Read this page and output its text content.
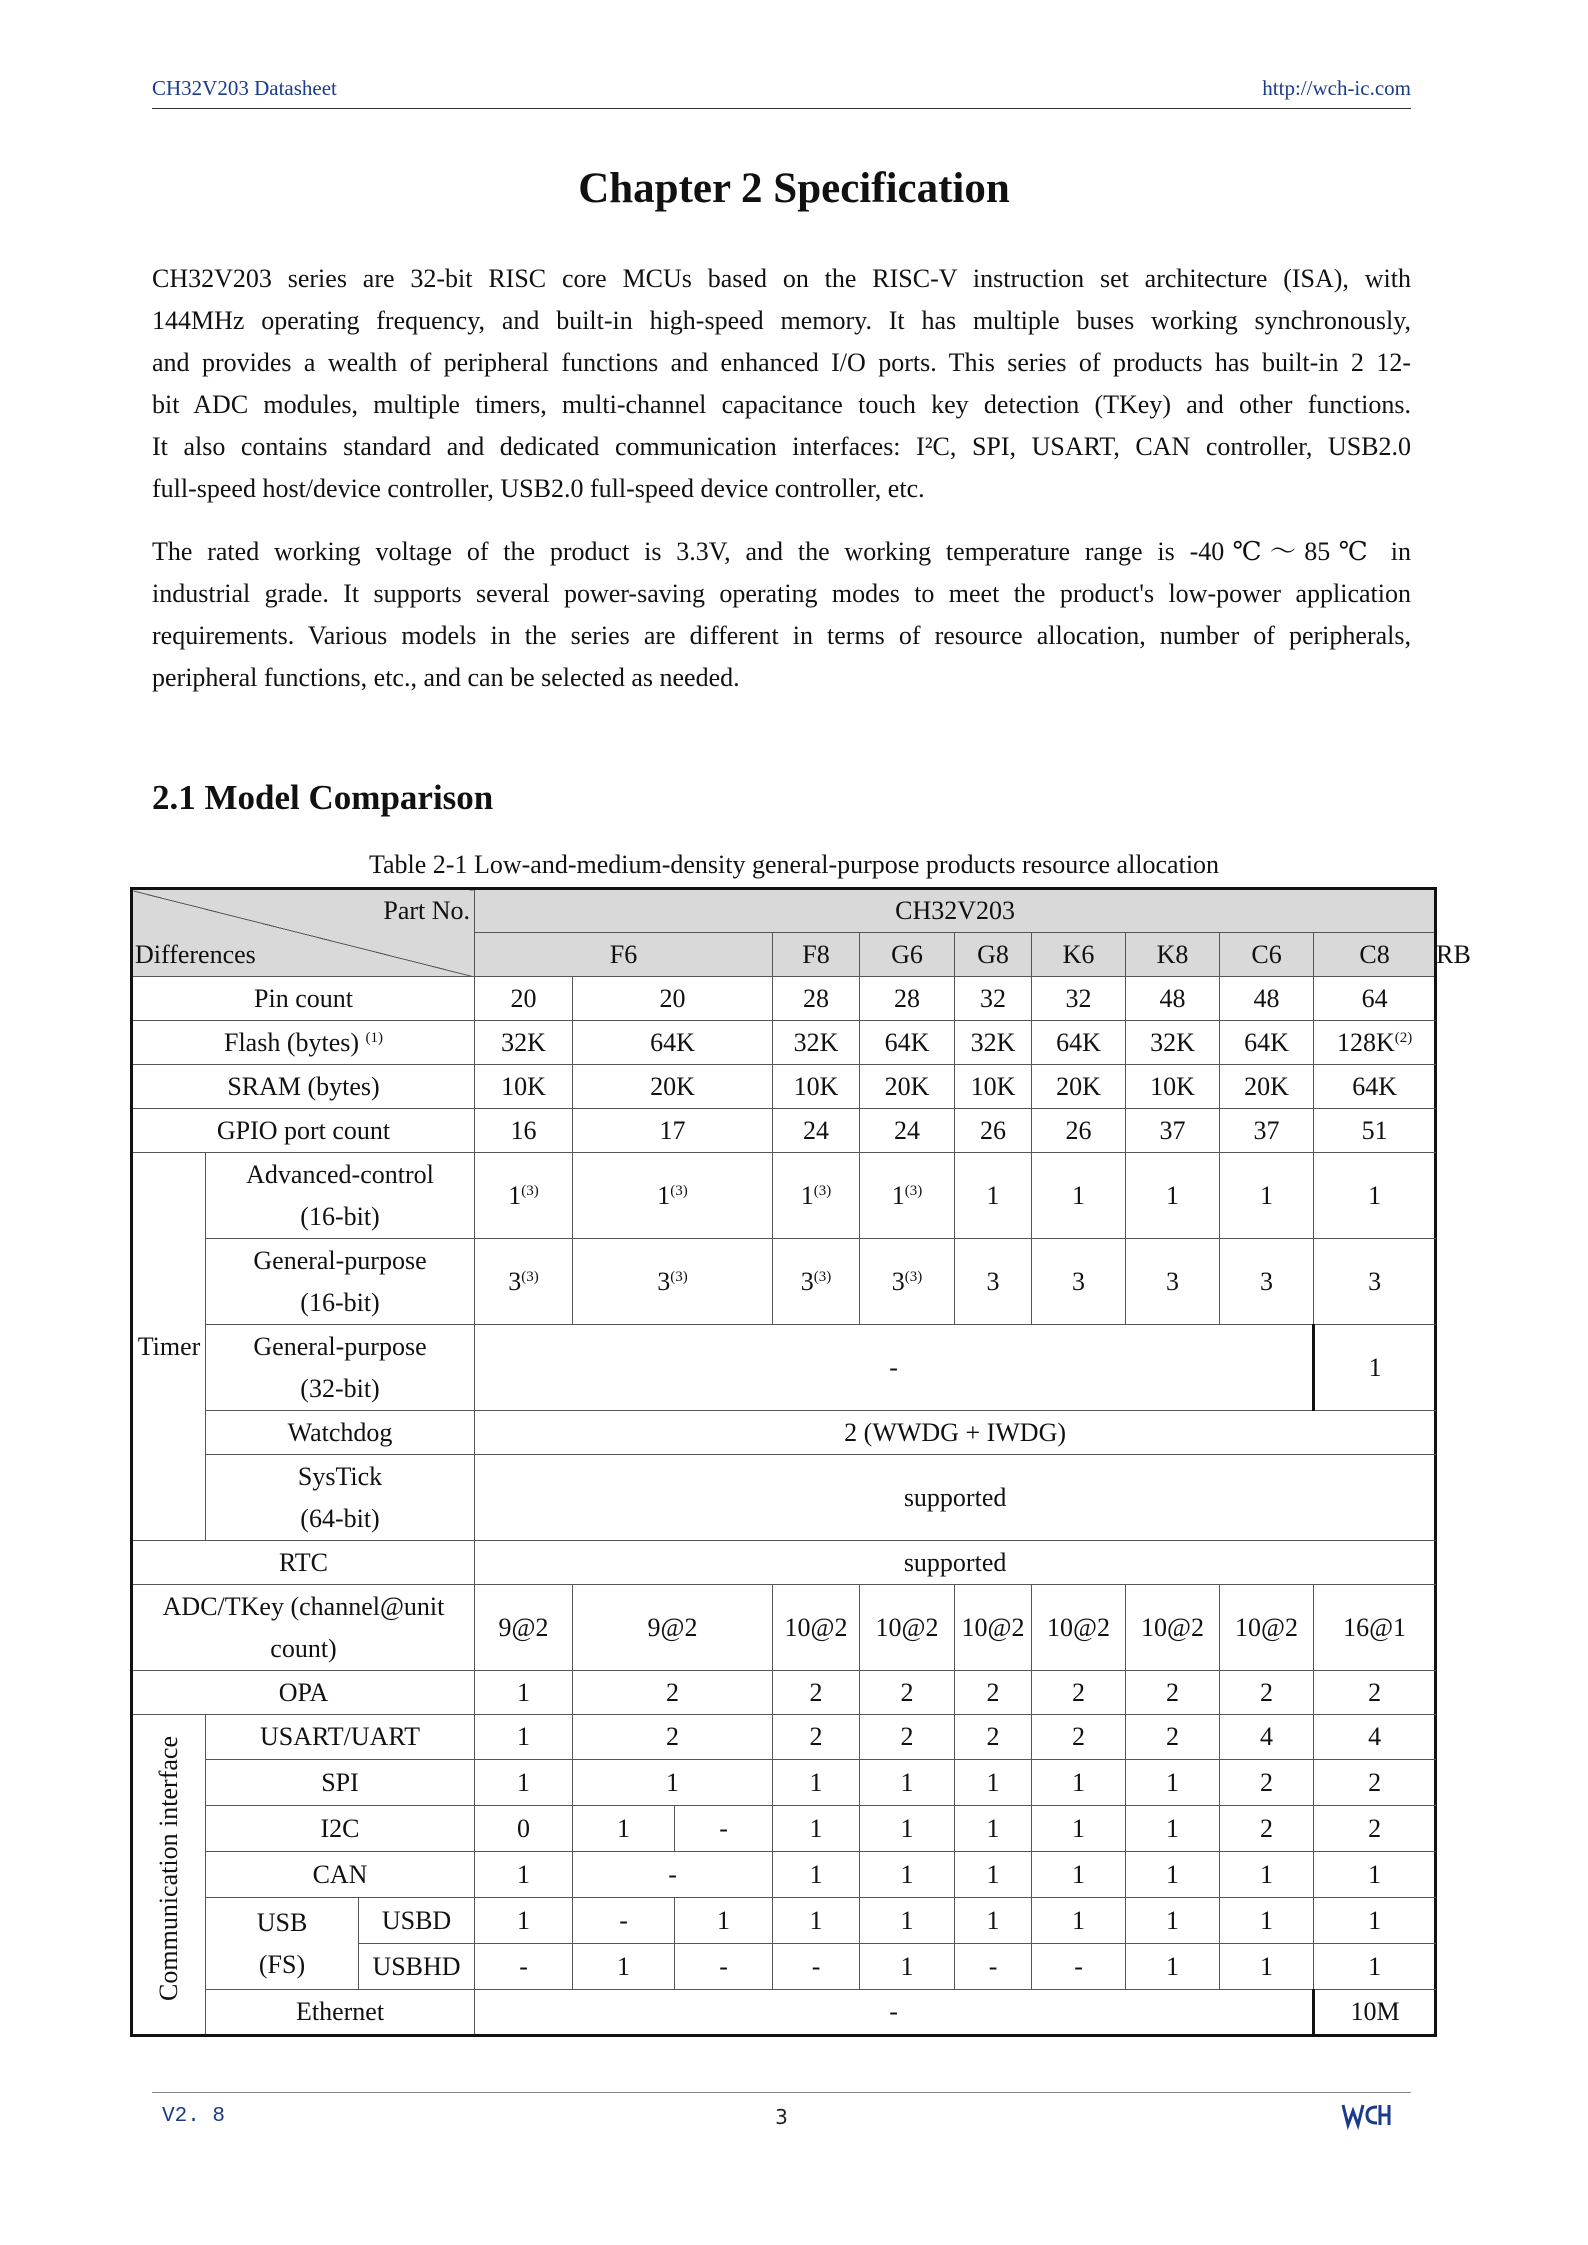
CH32V203 Datasheet	http://wch-ic.com
Chapter 2 Specification
CH32V203 series are 32-bit RISC core MCUs based on the RISC-V instruction set architecture (ISA), with
144MHz operating frequency, and built-in high-speed memory. It has multiple buses working synchronously,
and provides a wealth of peripheral functions and enhanced I/O ports. This series of products has built-in 2 12-
bit ADC modules, multiple timers, multi-channel capacitance touch key detection (TKey) and other functions.
It also contains standard and dedicated communication interfaces: I²C, SPI, USART, CAN controller, USB2.0
full-speed host/device controller, USB2.0 full-speed device controller, etc.
The rated working voltage of the product is 3.3V, and the working temperature range is -40℃～85℃ in
industrial grade. It supports several power-saving operating modes to meet the product's low-power application
requirements. Various models in the series are different in terms of resource allocation, number of peripherals,
peripheral functions, etc., and can be selected as needed.
2.1 Model Comparison
Table 2-1 Low-and-medium-density general-purpose products resource allocation
Part No.
Differences			CH32V203										
			F6			F8	G6	G8	K6	K8	C6	C8	RB
Pin count			20	20		28	28	32	32	48	48	64	
Flash (bytes) $^{(1)}$			32K	64K		32K	64K	32K	64K	32K	64K	$128K^{(2)}$
SRAM (bytes)			10K	20K		10K	20K	10K	20K	10K	20K	64K	
GPIO port count			16	17		24	24	26	26	37	37	51	
Timer	Advanced-control
(16-bit)		1$^{(3)}$	1$^{(3)}$		1$^{(3)}$	1$^{(3)}$	1	1	1	1	1	
	General-purpose
(16-bit)		3$^{(3)}$	3$^{(3)}$		3$^{(3)}$	3$^{(3)}$	3	3	3	3	3	
	General-purpose
(32-bit)		-									1	
	Watchdog		2 (WWDG + IWDG)										
	SysTick
(64-bit)		supported										
RTC			supported										
ADC/TKey (channel@unit
count)			9@2	9@2		10@2	10@2	10@2	10@2	10@2	10@2	16@1	
OPA			1	2		2	2	2	2	2	2	2	
Communication interface	USART/UART		1	2		2	2	2	2	2	4	4	
	SPI		1	1		1	1	1	1	1	2	2	
	I2C		0	1	-	1	1	1	1	1	2	2	
	CAN		1	-		1	1	1	1	1	1	1	
	USB
(FS)	USBD	1	-	1	1	1	1	1	1	1	1	
		USBHD	-	1	-	-	1	-	-	1	1	1	
	Ethernet		-									10M	
V2. 8	3
